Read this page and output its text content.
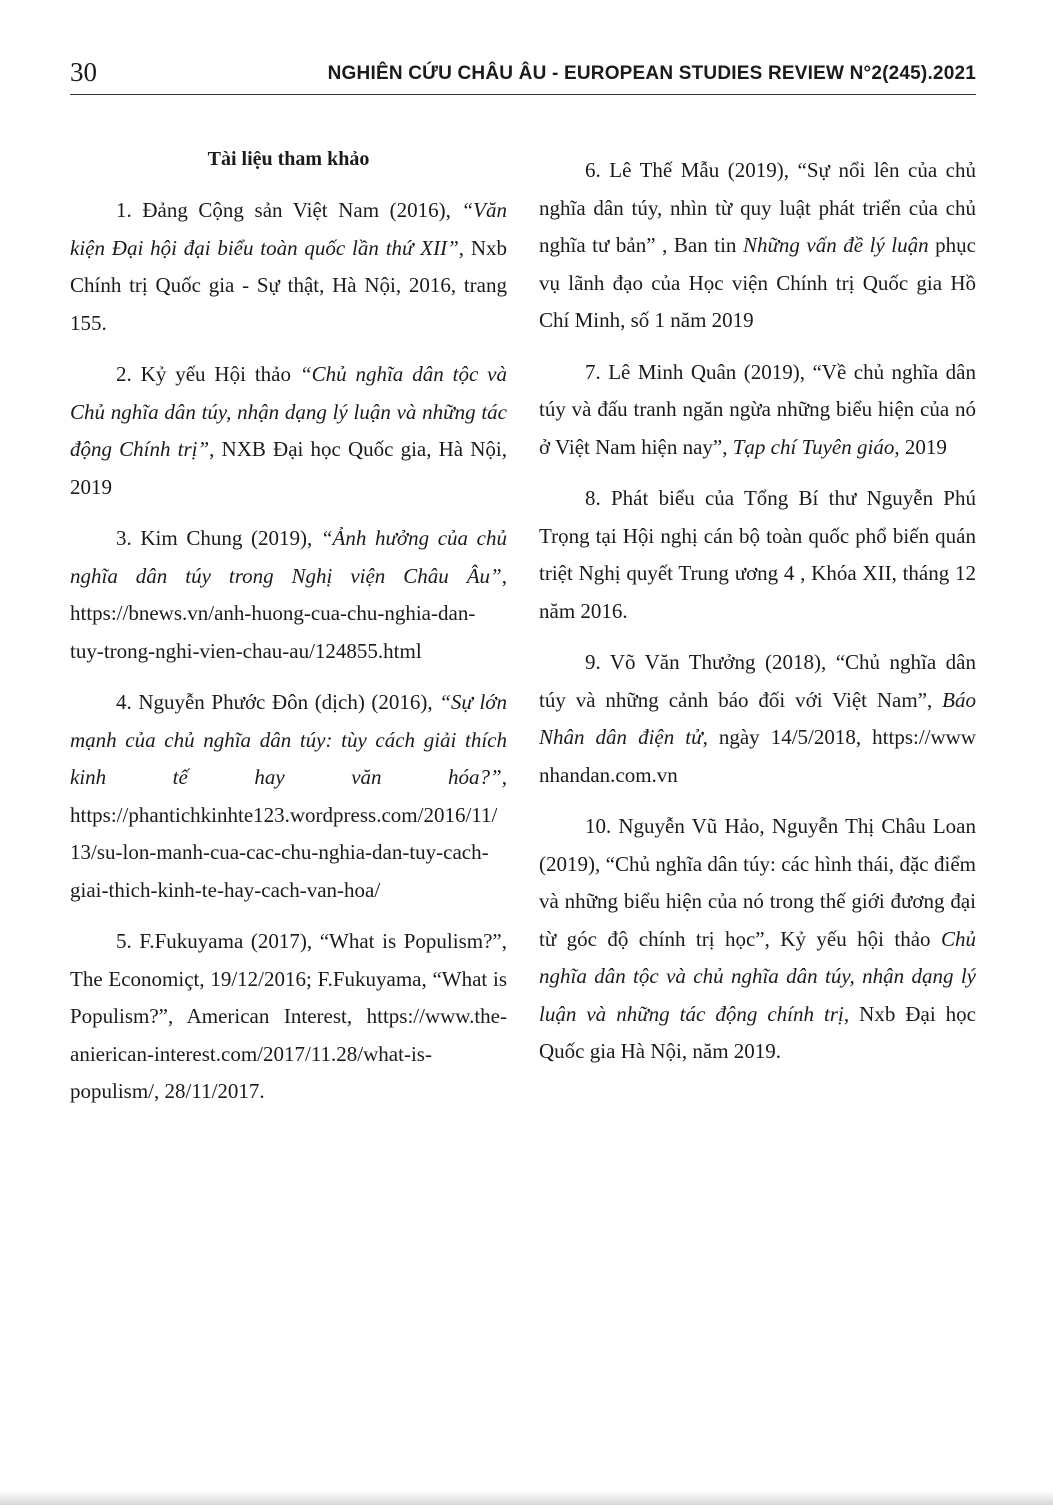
30	NGHIÊN CỨU CHÂU ÂU - EUROPEAN STUDIES REVIEW N°2(245).2021

Tài liệu tham khảo

1. Đảng Cộng sản Việt Nam (2016), “Văn kiện Đại hội đại biểu toàn quốc lần thứ XII”, Nxb Chính trị Quốc gia - Sự thật, Hà Nội, 2016, trang 155.

2. Kỷ yếu Hội thảo “Chủ nghĩa dân tộc và Chủ nghĩa dân túy, nhận dạng lý luận và những tác động Chính trị”, NXB Đại học Quốc gia, Hà Nội, 2019

3. Kim Chung (2019), “Ảnh hưởng của chủ nghĩa dân túy trong Nghị viện Châu Âu”, https://bnews.vn/anh-huong-cua-chu-nghia-dan-tuy-trong-nghi-vien-chau-au/124855.html

4. Nguyễn Phước Đôn (dịch) (2016), “Sự lớn mạnh của chủ nghĩa dân túy: tùy cách giải thích kinh tế hay văn hóa?”, https://phantichkinhte123.wordpress.com/2016/11/13/su-lon-manh-cua-cac-chu-nghia-dan-tuy-cach-giai-thich-kinh-te-hay-cach-van-hoa/

5. F.Fukuyama (2017), “What is Populism?”, The Economiçt, 19/12/2016; F.Fukuyama, “What is Populism?”, American Interest, https://www.the-anierican-interest.com/2017/11.28/what-is-populism/, 28/11/2017.

6. Lê Thế Mẫu (2019), “Sự nổi lên của chủ nghĩa dân túy, nhìn từ quy luật phát triển của chủ nghĩa tư bản” , Ban tin Những vấn đề lý luận phục vụ lãnh đạo của Học viện Chính trị Quốc gia Hồ Chí Minh, số 1 năm 2019

7. Lê Minh Quân (2019), “Về chủ nghĩa dân túy và đấu tranh ngăn ngừa những biểu hiện của nó ở Việt Nam hiện nay”, Tạp chí Tuyên giáo, 2019

8. Phát biểu của Tổng Bí thư Nguyễn Phú Trọng tại Hội nghị cán bộ toàn quốc phổ biến quán triệt Nghị quyết Trung ương 4 , Khóa XII, tháng 12 năm 2016.

9. Võ Văn Thưởng (2018), “Chủ nghĩa dân túy và những cảnh báo đối với Việt Nam”, Báo Nhân dân điện tử, ngày 14/5/2018, https://www nhandan.com.vn

10. Nguyễn Vũ Hảo, Nguyễn Thị Châu Loan (2019), “Chủ nghĩa dân túy: các hình thái, đặc điểm và những biểu hiện của nó trong thế giới đương đại từ góc độ chính trị học”, Kỷ yếu hội thảo Chủ nghĩa dân tộc và chủ nghĩa dân túy, nhận dạng lý luận và những tác động chính trị, Nxb Đại học Quốc gia Hà Nội, năm 2019.
